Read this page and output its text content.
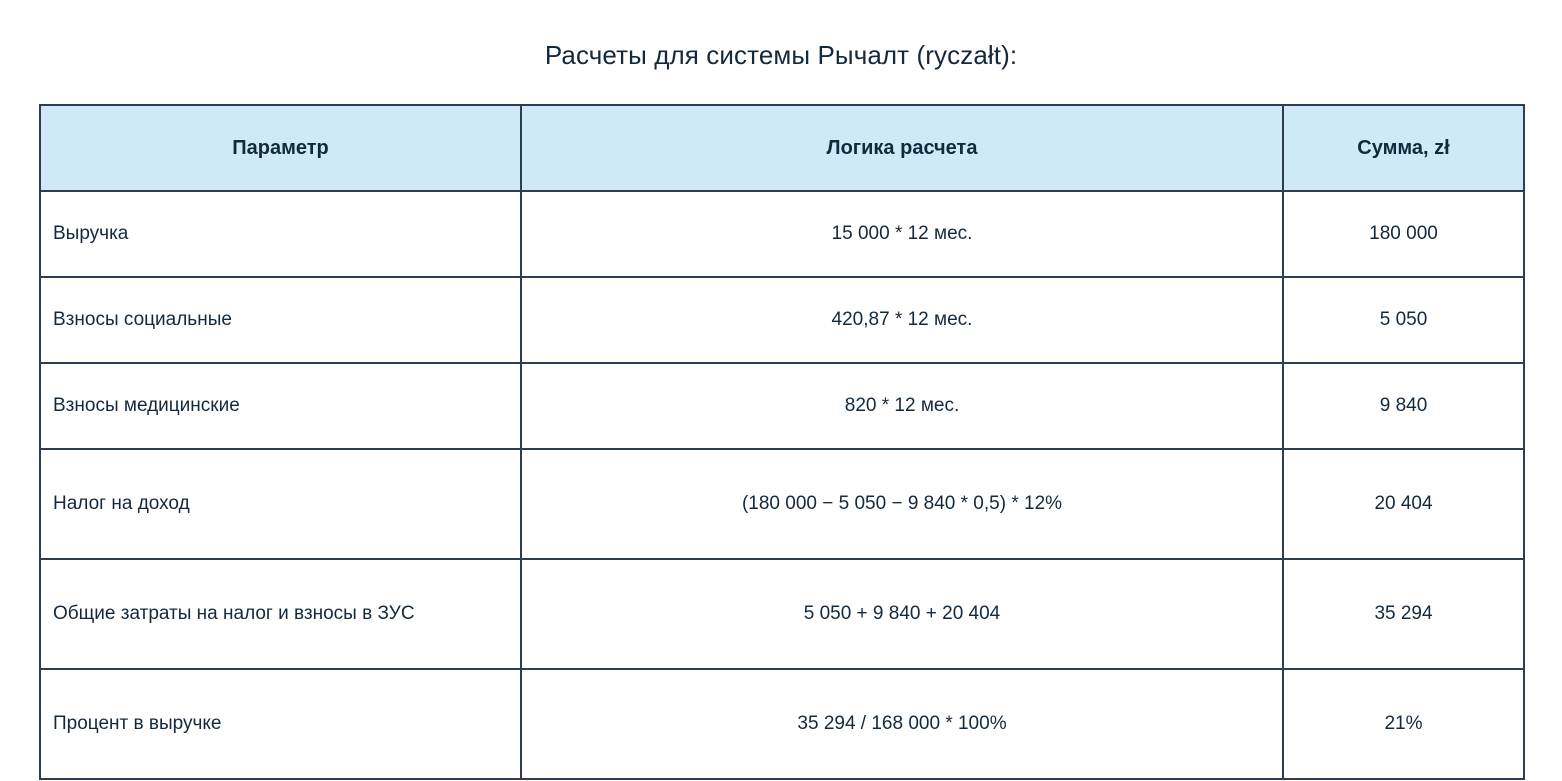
Расчеты для системы Рычалт (ryczałt):
Параметр	Логика расчета	Сумма, zł
Выручка	15 000 * 12 мес.	180 000
Взносы социальные	420,87 * 12 мес.	5 050
Взносы медицинские	820 * 12 мес.	9 840
Налог на доход	(180 000 − 5 050 − 9 840 * 0,5) * 12%	20 404
Общие затраты на налог и взносы в ЗУС	5 050 + 9 840 + 20 404	35 294
Процент в выручке	35 294 / 168 000 * 100%	21%
